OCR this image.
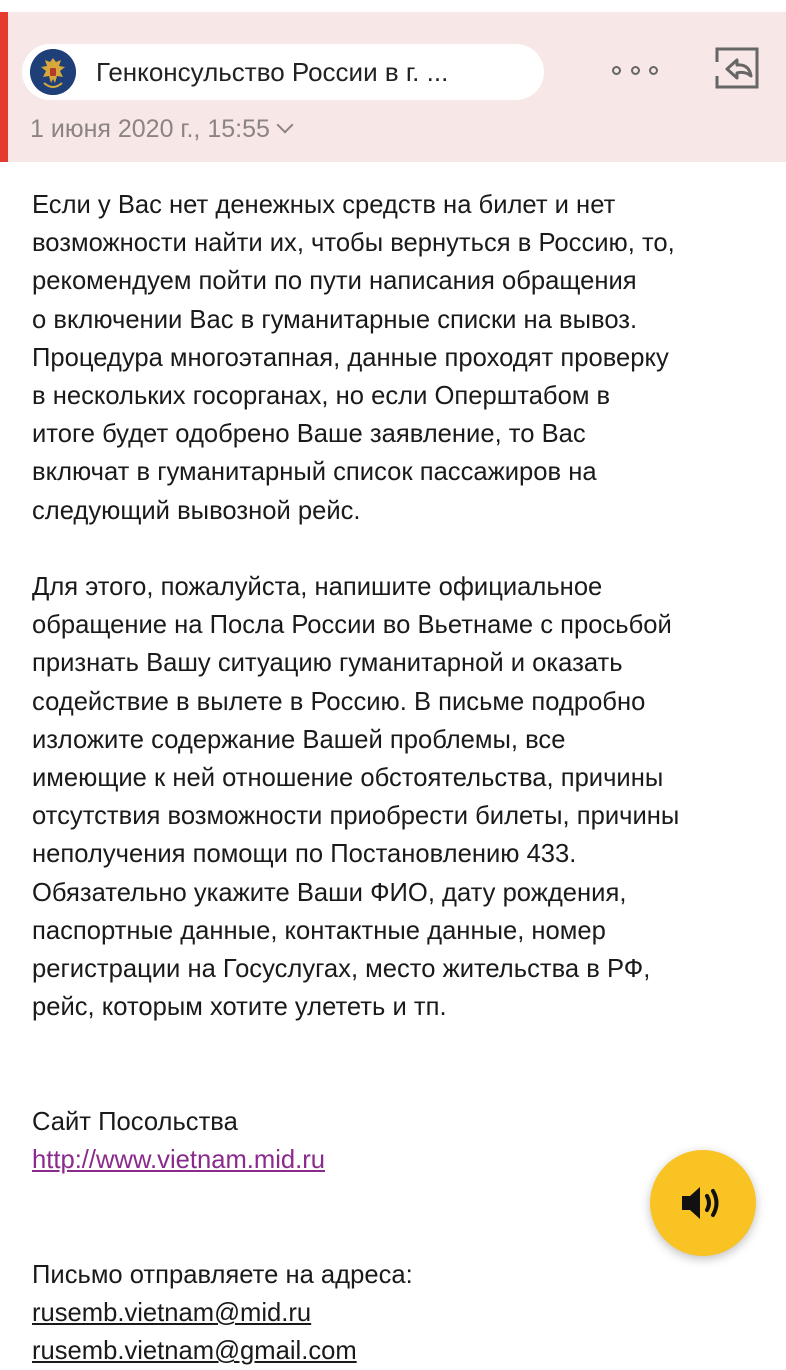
Генконсульство России в г. ...
1 июня 2020 г., 15:55

Если у Вас нет денежных средств на билет и нет
возможности найти их, чтобы вернуться в Россию, то,
рекомендуем пойти по пути написания обращения
о включении Вас в гуманитарные списки на вывоз.
Процедура многоэтапная, данные проходят проверку
в нескольких госорганах, но если Оперштабом в
итоге будет одобрено Ваше заявление, то Вас
включат в гуманитарный список пассажиров на
следующий вывозной рейс.

Для этого, пожалуйста, напишите официальное
обращение на Посла России во Вьетнаме с просьбой
признать Вашу ситуацию гуманитарной и оказать
содействие в вылете в Россию. В письме подробно
изложите содержание Вашей проблемы, все
имеющие к ней отношение обстоятельства, причины
отсутствия возможности приобрести билеты, причины
неполучения помощи по Постановлению 433.
Обязательно укажите Ваши ФИО, дату рождения,
паспортные данные, контактные данные, номер
регистрации на Госуслугах, место жительства в РФ,
рейс, которым хотите улететь и тп.

Сайт Посольства

http://www.vietnam.mid.ru

Письмо отправляете на адреса:
rusemb.vietnam@mid.ru
rusemb.vietnam@gmail.com
